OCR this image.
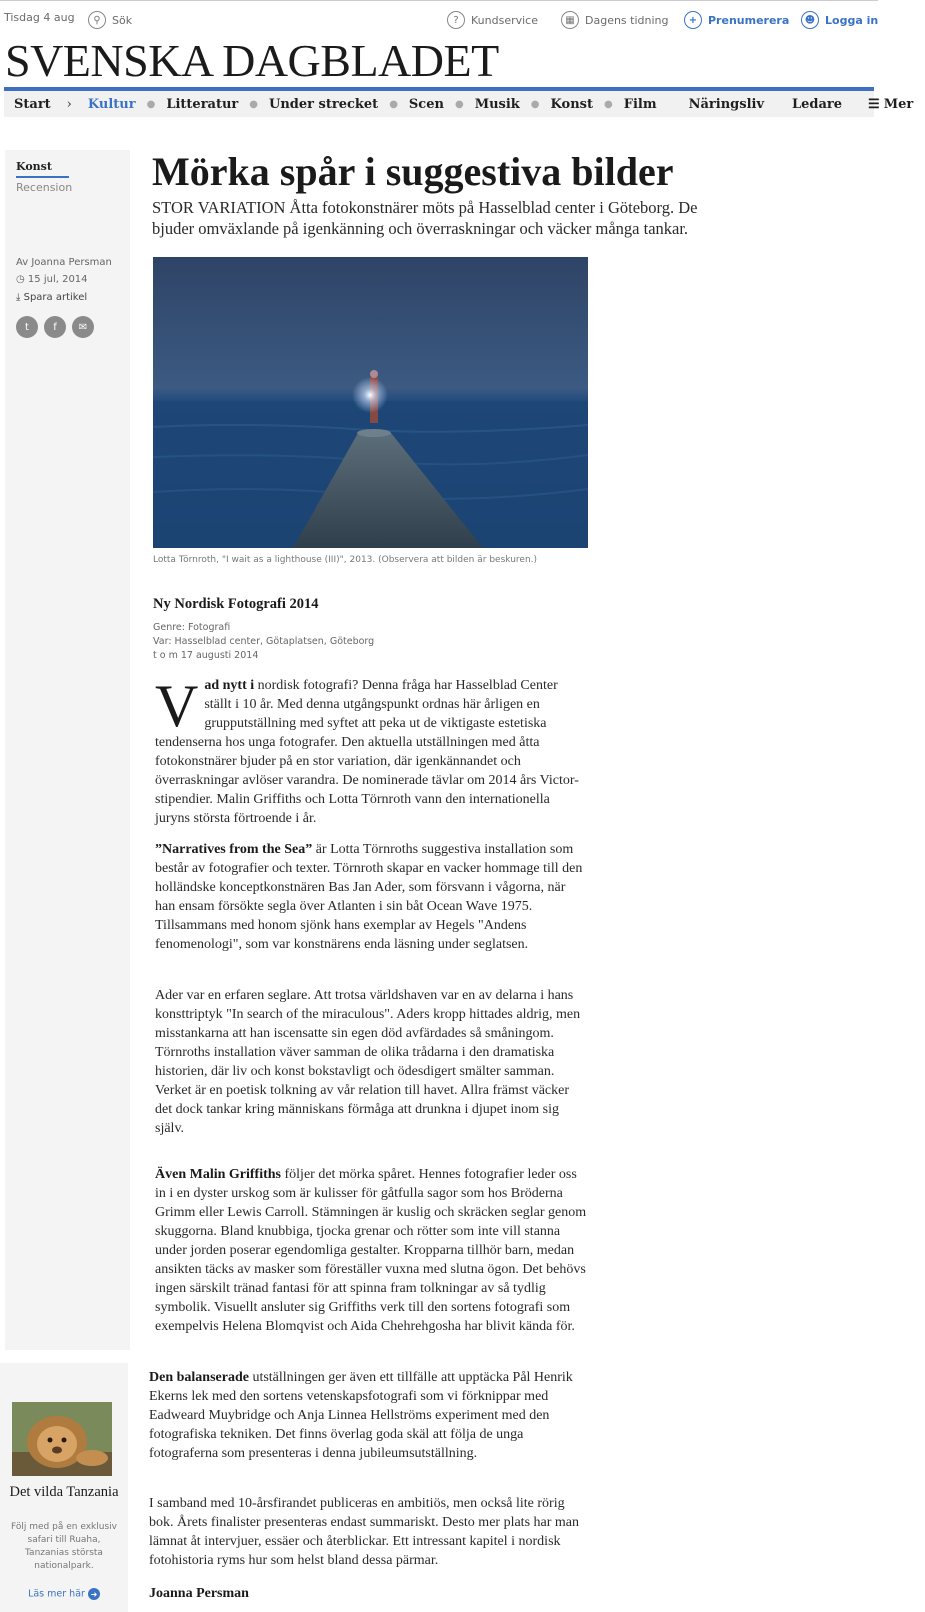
Tisdag 4 aug	⚲	Sök	?	Kundservice	▦ Dagens tidning	+ Prenumerera	☻ Logga in
SVENSKA DAGBLADET
Start	›	Kultur	● Litteratur	● Under strecket	● Scen	● Musik	● Konst	● Film	Näringsliv	Ledare	☰ Mer
Konst
Recension
Av Joanna Persman
◷ 15 jul, 2014
⤓ Spara artikel
t	f	✉
Mörka spår i suggestiva bilder

STOR VARIATION Åtta fotokonstnärer möts på Hasselblad center i Göteborg. De bjuder omväxlande på igenkänning och överraskningar och väcker många tankar.

Lotta Törnroth, "I wait as a lighthouse (III)", 2013. (Observera att bilden är beskuren.)
Ny Nordisk Fotografi 2014
Genre: Fotografi
Var: Hasselblad center, Götaplatsen, Göteborg
t o m 17 augusti 2014
Vad nytt i nordisk fotografi? Denna fråga har Hasselblad Center ställt i 10 år. Med denna utgångspunkt ordnas här årligen en grupputställning med syftet att peka ut de viktigaste estetiska tendenserna hos unga fotografer. Den aktuella utställningen med åtta fotokonstnärer bjuder på en stor variation, där igenkännandet och överraskningar avlöser varandra. De nominerade tävlar om 2014 års Victor-stipendier. Malin Griffiths och Lotta Törnroth vann den internationella juryns största förtroende i år.
”Narratives from the Sea” är Lotta Törnroths suggestiva installation som består av fotografier och texter. Törnroth skapar en vacker hommage till den holländske konceptkonstnären Bas Jan Ader, som försvann i vågorna, när han ensam försökte segla över Atlanten i sin båt Ocean Wave 1975. Tillsammans med honom sjönk hans exemplar av Hegels "Andens fenomenologi", som var konstnärens enda läsning under seglatsen.
Ader var en erfaren seglare. Att trotsa världshaven var en av delarna i hans konsttriptyk "In search of the miraculous". Aders kropp hittades aldrig, men misstankarna att han iscensatte sin egen död avfärdades så småningom. Törnroths installation väver samman de olika trådarna i den dramatiska historien, där liv och konst bokstavligt och ödesdigert smälter samman. Verket är en poetisk tolkning av vår relation till havet. Allra främst väcker det dock tankar kring människans förmåga att drunkna i djupet inom sig själv.
Även Malin Griffiths följer det mörka spåret. Hennes fotografier leder oss in i en dyster urskog som är kulisser för gåtfulla sagor som hos Bröderna Grimm eller Lewis Carroll. Stämningen är kuslig och skräcken seglar genom skuggorna. Bland knubbiga, tjocka grenar och rötter som inte vill stanna under jorden poserar egendomliga gestalter. Kropparna tillhör barn, medan ansikten täcks av masker som föreställer vuxna med slutna ögon. Det behövs ingen särskilt tränad fantasi för att spinna fram tolkningar av så tydlig symbolik. Visuellt ansluter sig Griffiths verk till den sortens fotografi som exempelvis Helena Blomqvist och Aida Chehrehgosha har blivit kända för.
Den balanserade utställningen ger även ett tillfälle att upptäcka Pål Henrik Ekerns lek med den sortens vetenskapsfotografi som vi förknippar med Eadweard Muybridge och Anja Linnea Hellströms experiment med den fotografiska tekniken. Det finns överlag goda skäl att följa de unga fotograferna som presenteras i denna jubileumsutställning.
I samband med 10-årsfirandet publiceras en ambitiös, men också lite rörig bok. Årets finalister presenteras endast summariskt. Desto mer plats har man lämnat åt intervjuer, essäer och återblickar. Ett intressant kapitel i nordisk fotohistoria ryms hur som helst bland dessa pärmar.
Joanna Persman
Det vilda Tanzania
Följ med på en exklusiv safari till Ruaha, Tanzanias största nationalpark.
Läs mer här ➜
